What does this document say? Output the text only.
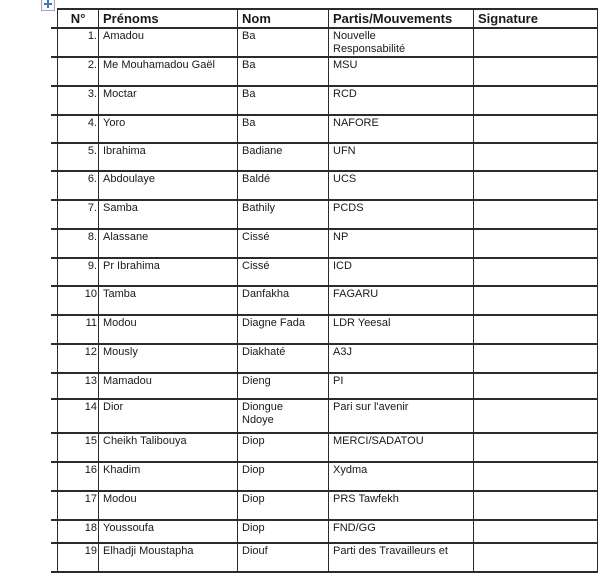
N°	Prénoms	Nom	Partis/Mouvements	Signature
1.	Amadou	Ba	Nouvelle Responsabilité	
2.	Me Mouhamadou Gaël	Ba	MSU	
3.	Moctar	Ba	RCD	
4.	Yoro	Ba	NAFORE	
5.	Ibrahima	Badiane	UFN	
6.	Abdoulaye	Baldé	UCS	
7.	Samba	Bathily	PCDS	
8.	Alassane	Cissé	NP	
9.	Pr Ibrahima	Cissé	ICD	
10	Tamba	Danfakha	FAGARU	
11	Modou	Diagne Fada	LDR Yeesal	
12	Mously	Diakhaté	A3J	
13	Mamadou	Dieng	PI	
14	Dior	Diongue Ndoye	Pari sur l'avenir	
15	Cheikh Talibouya	Diop	MERCI/SADATOU	
16	Khadim	Diop	Xydma	
17	Modou	Diop	PRS Tawfekh	
18	Youssoufa	Diop	FND/GG	
19	Elhadji Moustapha	Diouf	Parti des Travailleurs et	
